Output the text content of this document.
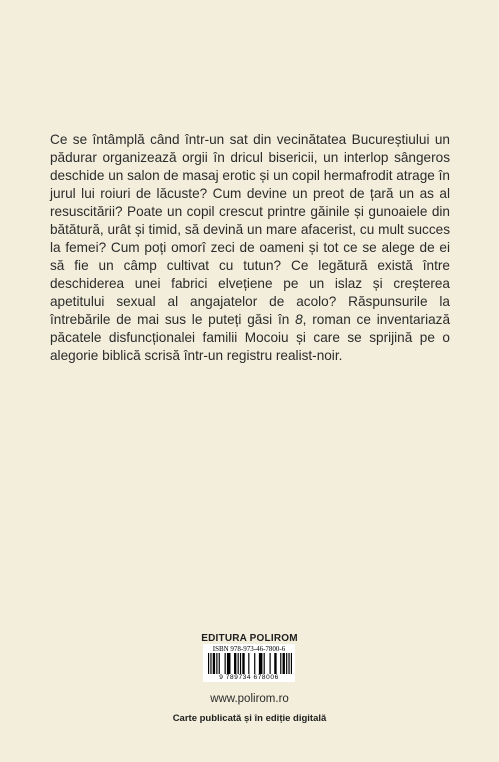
Ce se întâmplă când într-un sat din vecinătatea Bucureștiului un pădurar organizează orgii în dricul bisericii, un interlop sângeros deschide un salon de masaj erotic și un copil hermafrodit atrage în jurul lui roiuri de lăcuste? Cum devine un preot de țară un as al resuscitării? Poate un copil crescut printre găinile și gunoaiele din bătătură, urât și timid, să devină un mare afacerist, cu mult succes la femei? Cum poți omorî zeci de oameni și tot ce se alege de ei să fie un câmp cultivat cu tutun? Ce legătură există între deschiderea unei fabrici elvețiene pe un islaz și creșterea apetitului sexual al angajatelor de acolo? Răspunsurile la întrebările de mai sus le puteți găsi în 8, roman ce inventariază păcatele disfuncționalei familii Mocoiu și care se sprijină pe o alegorie biblică scrisă într-un registru realist-noir.

EDITURA POLIROM
ISBN 978-973-46-7800-6
9 789734 678006
www.polirom.ro
Carte publicată și în ediție digitală
